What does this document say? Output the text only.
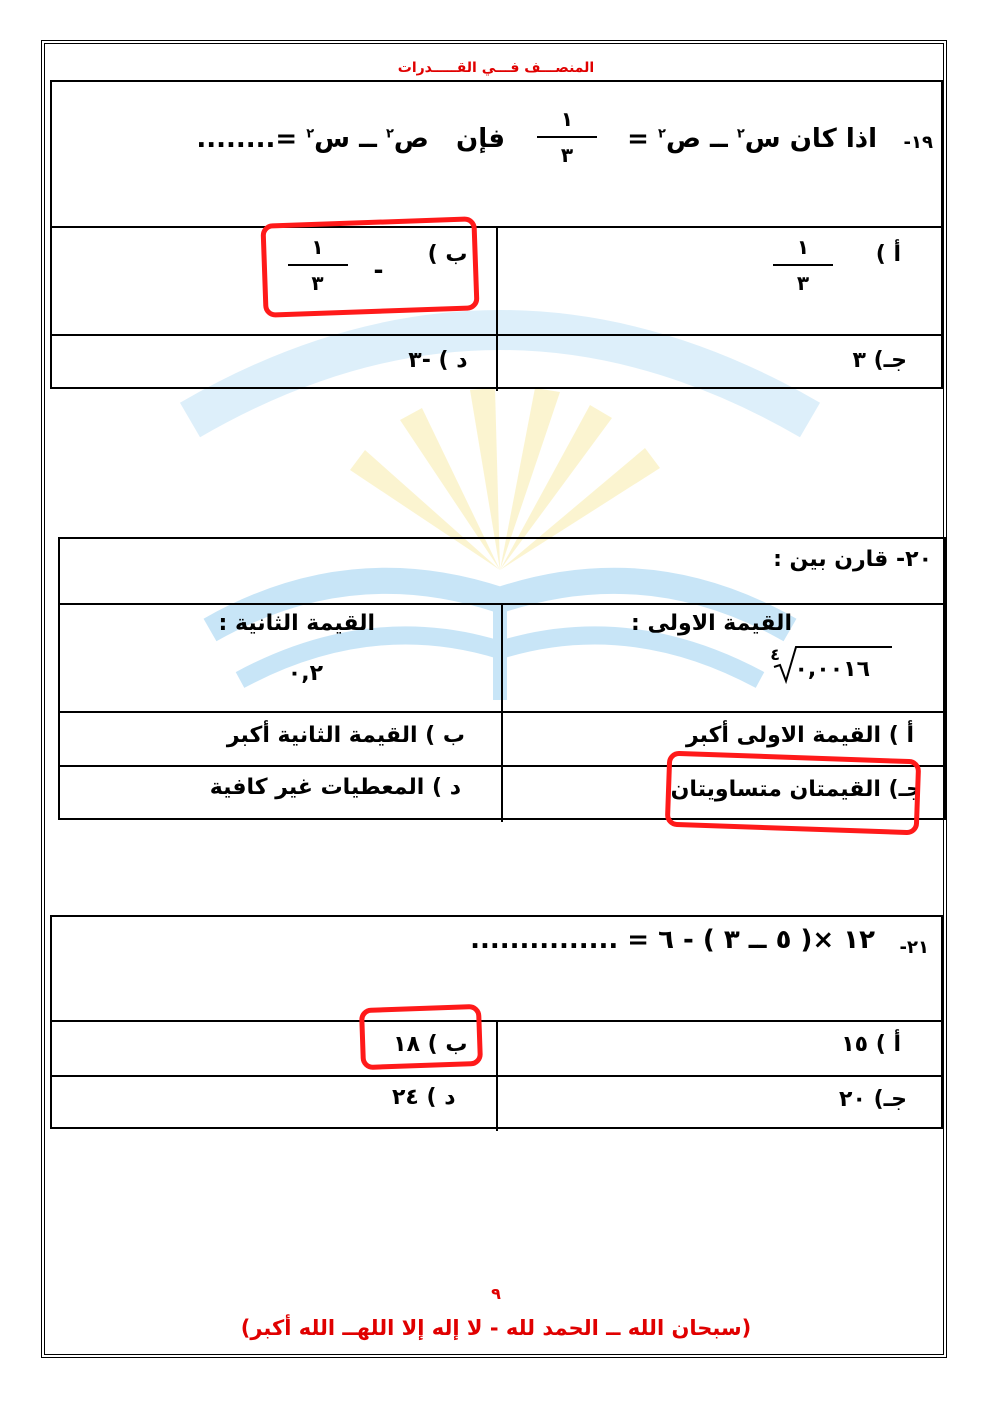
المنصـــف فـــي القـــــدرات
١٩-
اذا كان س$^٢$ ــ ص$^٢$ =
١
٣
فإن   ص$^٢$ ــ س$^٢$ =........
أ )
١
٣
ب )
-
١
٣
جـ) ٣
د ) -٣
٢٠- قارن بين :
القيمة الاولى :
٤
٠,٠٠١٦
القيمة الثانية :
٠,٢
أ ) القيمة الاولى أكبر
ب ) القيمة الثانية أكبر
جـ) القيمتان متساويتان
د ) المعطيات غير كافية
٢١-
١٢ ×( ٥ ــ ٣ ) - ٦ = ...............
أ ) ١٥
ب ) ١٨
جـ) ٢٠
د ) ٢٤
٩
(سبحان الله ــ الحمد لله - لا إله إلا اللهــ الله أكبر)
